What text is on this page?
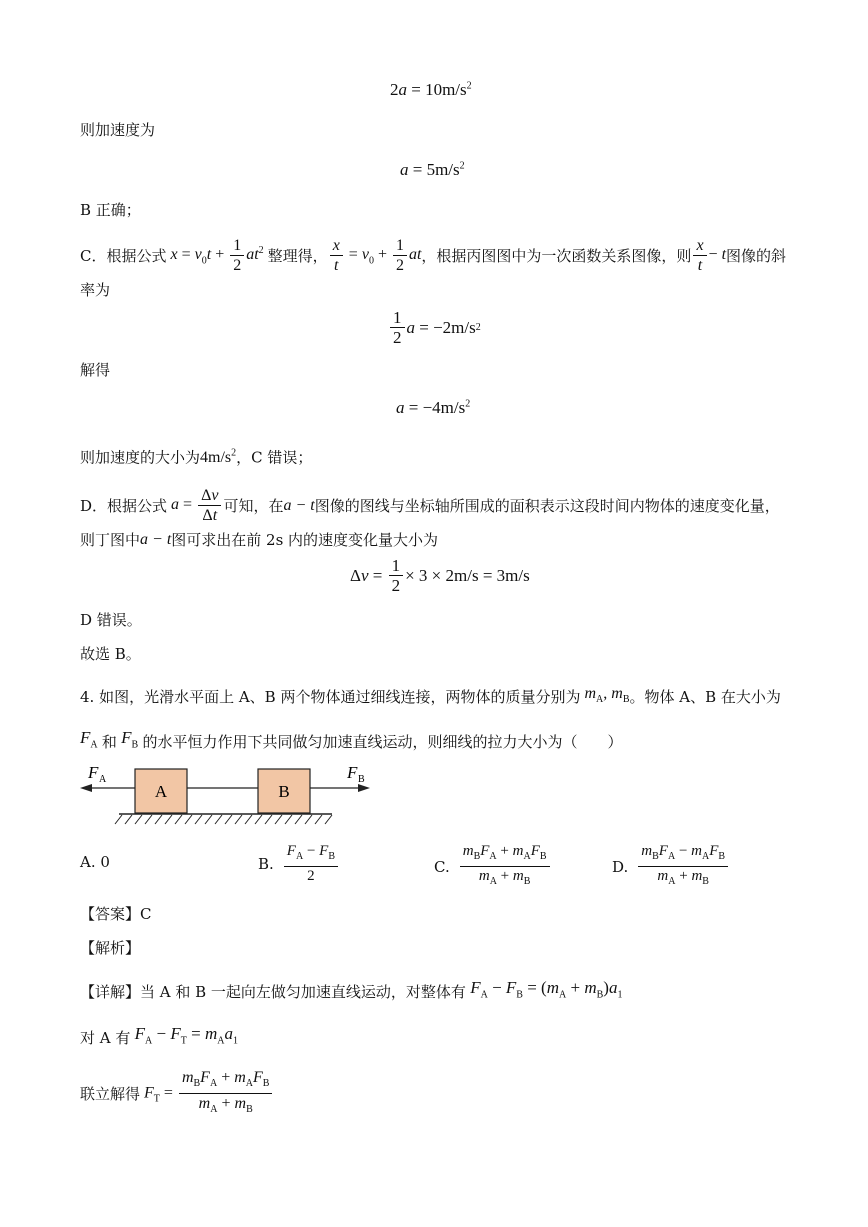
$2a = 10m/s^2$
则加速度为
$a = 5m/s^2$
B 正确；
C．根据公式 $x = v_0t + \frac{1}{2} at^2$ 整理得， $\frac{x}{t} = v_0 + \frac{1}{2}$ at ，根据丙图图中为一次函数关系图像，则 $\frac{x}{t} - t$ 图像的斜
率为
$\frac{1}{2}$ a = −2m/s 2
解得
$a = -4m/s^2$
则加速度的大小为$4m/s^2$，C 错误；
D．根据公式 $a = \frac{\Delta v}{\Delta t}$ 可知，在 a − t 图像的图线与坐标轴所围成的面积表示这段时间内物体的速度变化量，
则丁图中 a − t 图可求出在前 2s 内的速度变化量大小为
Δ $v = \frac{1}{2} \times 3 \times 2m/s = 3m/s$
D 错误。
故选 B。
4. 如图，光滑水平面上 A、B 两个物体通过细线连接，两物体的质量分别为 $m_A$, $m_B$ 。物体 A、B 在大小为
$F_A$ 和 $F_B$ 的水平恒力作用下共同做匀加速直线运动，则细线的拉力大小为（　　）
A	B
F A	F B
A. 0	B. $\frac{F_A - F_B}{2}$	C. $\frac{m_BF_A + m_AF_B}{m_A + m_B}$	D. $\frac{m_BF_A - m_AF_B}{m_A + m_B}$
【答案】C
【解析】
【详解】当 A 和 B 一起向左做匀加速直线运动，对整体有 $F_A - F_B = (m_A + m_B)a_1$
对 A 有 $F_A - F_T = m_Aa_1$
联立解得 $F_T = \frac{m_BF_A + m_AF_B}{m_A + m_B}$
